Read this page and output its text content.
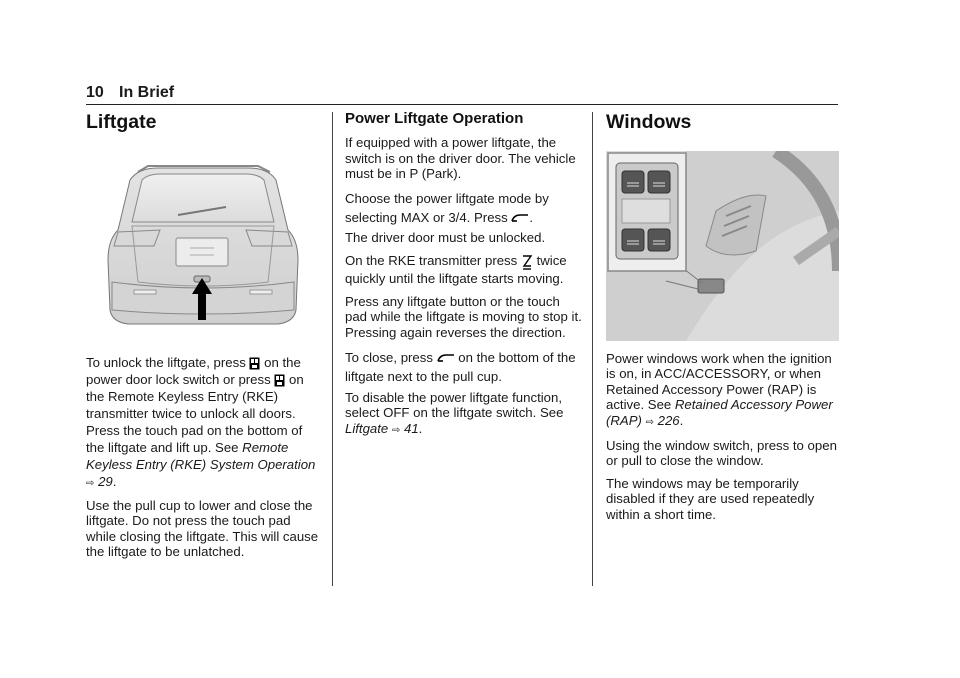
10 In Brief
Liftgate

To unlock the liftgate, press  on the power door lock switch or press  on the Remote Keyless Entry (RKE) transmitter twice to unlock all doors. Press the touch pad on the bottom of the liftgate and lift up. See Remote Keyless Entry (RKE) System Operation ⇨ 29.

Use the pull cup to lower and close the liftgate. Do not press the touch pad while closing the liftgate. This will cause the liftgate to be unlatched.

Power Liftgate Operation

If equipped with a power liftgate, the switch is on the driver door. The vehicle must be in P (Park).

Choose the power liftgate mode by selecting MAX or 3/4. Press .

The driver door must be unlocked.

On the RKE transmitter press  twice quickly until the liftgate starts moving.

Press any liftgate button or the touch pad while the liftgate is moving to stop it. Pressing again reverses the direction.

To close, press  on the bottom of the liftgate next to the pull cup.

To disable the power liftgate function, select OFF on the liftgate switch. See Liftgate ⇨ 41.

Windows

Power windows work when the ignition is on, in ACC/ACCESSORY, or when Retained Accessory Power (RAP) is active. See Retained Accessory Power (RAP) ⇨ 226.

Using the window switch, press to open or pull to close the window.

The windows may be temporarily disabled if they are used repeatedly within a short time.
